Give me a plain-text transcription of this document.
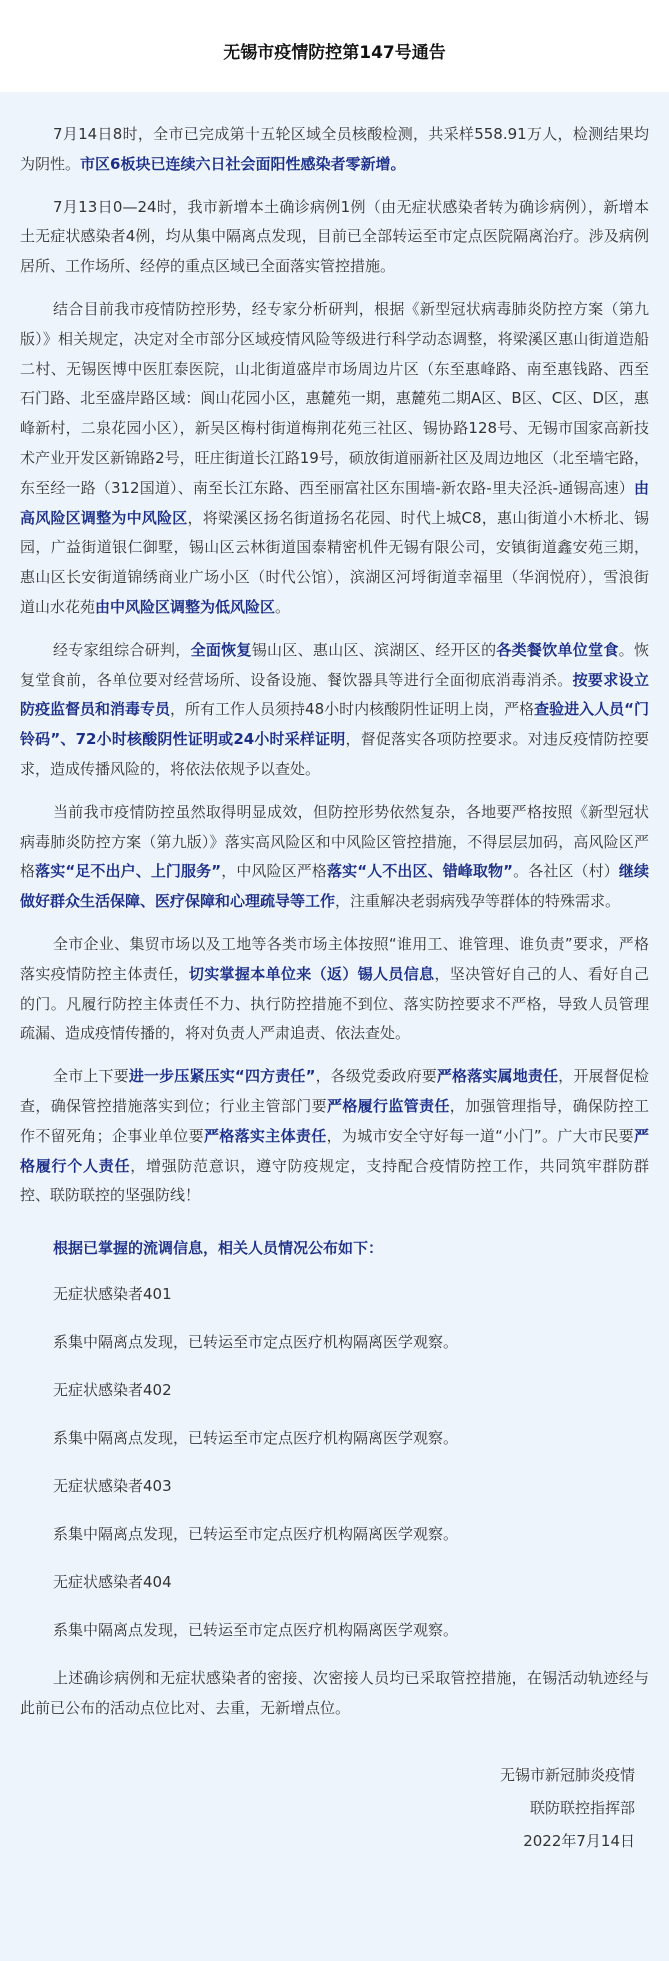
无锡市疫情防控第147号通告

7月14日8时，全市已完成第十五轮区域全员核酸检测，共采样558.91万人，检测结果均为阴性。市区6板块已连续六日社会面阳性感染者零新增。

7月13日0—24时，我市新增本土确诊病例1例（由无症状感染者转为确诊病例），新增本土无症状感染者4例，均从集中隔离点发现，目前已全部转运至市定点医院隔离治疗。涉及病例居所、工作场所、经停的重点区域已全面落实管控措施。

结合目前我市疫情防控形势，经专家分析研判，根据《新型冠状病毒肺炎防控方案（第九版）》相关规定，决定对全市部分区域疫情风险等级进行科学动态调整，将梁溪区惠山街道造船二村、无锡医博中医肛泰医院，山北街道盛岸市场周边片区（东至惠峰路、南至惠钱路、西至石门路、北至盛岸路区域：阆山花园小区，惠麓苑一期，惠麓苑二期A区、B区、C区、D区，惠峰新村，二泉花园小区），新吴区梅村街道梅荆花苑三社区、锡协路128号、无锡市国家高新技术产业开发区新锦路2号，旺庄街道长江路19号，硕放街道丽新社区及周边地区（北至墙宅路，东至经一路（312国道）、南至长江东路、西至丽富社区东围墙-新农路-里夫泾浜-通锡高速）由高风险区调整为中风险区，将梁溪区扬名街道扬名花园、时代上城C8，惠山街道小木桥北、锡园，广益街道银仁御墅，锡山区云林街道国泰精密机件无锡有限公司，安镇街道鑫安苑三期，惠山区长安街道锦绣商业广场小区（时代公馆），滨湖区河埒街道幸福里（华润悦府），雪浪街道山水花苑由中风险区调整为低风险区。

经专家组综合研判，全面恢复锡山区、惠山区、滨湖区、经开区的各类餐饮单位堂食。恢复堂食前，各单位要对经营场所、设备设施、餐饮器具等进行全面彻底消毒消杀。按要求设立防疫监督员和消毒专员，所有工作人员须持48小时内核酸阴性证明上岗，严格查验进入人员“门铃码”、72小时核酸阴性证明或24小时采样证明，督促落实各项防控要求。对违反疫情防控要求，造成传播风险的，将依法依规予以查处。

当前我市疫情防控虽然取得明显成效，但防控形势依然复杂，各地要严格按照《新型冠状病毒肺炎防控方案（第九版）》落实高风险区和中风险区管控措施，不得层层加码，高风险区严格落实“足不出户、上门服务”，中风险区严格落实“人不出区、错峰取物”。各社区（村）继续做好群众生活保障、医疗保障和心理疏导等工作，注重解决老弱病残孕等群体的特殊需求。

全市企业、集贸市场以及工地等各类市场主体按照“谁用工、谁管理、谁负责”要求，严格落实疫情防控主体责任，切实掌握本单位来（返）锡人员信息，坚决管好自己的人、看好自己的门。凡履行防控主体责任不力、执行防控措施不到位、落实防控要求不严格，导致人员管理疏漏、造成疫情传播的，将对负责人严肃追责、依法查处。

全市上下要进一步压紧压实“四方责任”，各级党委政府要严格落实属地责任，开展督促检查，确保管控措施落实到位；行业主管部门要严格履行监管责任，加强管理指导，确保防控工作不留死角；企事业单位要严格落实主体责任，为城市安全守好每一道“小门”。广大市民要严格履行个人责任，增强防范意识，遵守防疫规定，支持配合疫情防控工作，共同筑牢群防群控、联防联控的坚强防线！

根据已掌握的流调信息，相关人员情况公布如下：
无症状感染者401
系集中隔离点发现，已转运至市定点医疗机构隔离医学观察。
无症状感染者402
系集中隔离点发现，已转运至市定点医疗机构隔离医学观察。
无症状感染者403
系集中隔离点发现，已转运至市定点医疗机构隔离医学观察。
无症状感染者404
系集中隔离点发现，已转运至市定点医疗机构隔离医学观察。
上述确诊病例和无症状感染者的密接、次密接人员均已采取管控措施，在锡活动轨迹经与此前已公布的活动点位比对、去重，无新增点位。
无锡市新冠肺炎疫情
联防联控指挥部
2022年7月14日
